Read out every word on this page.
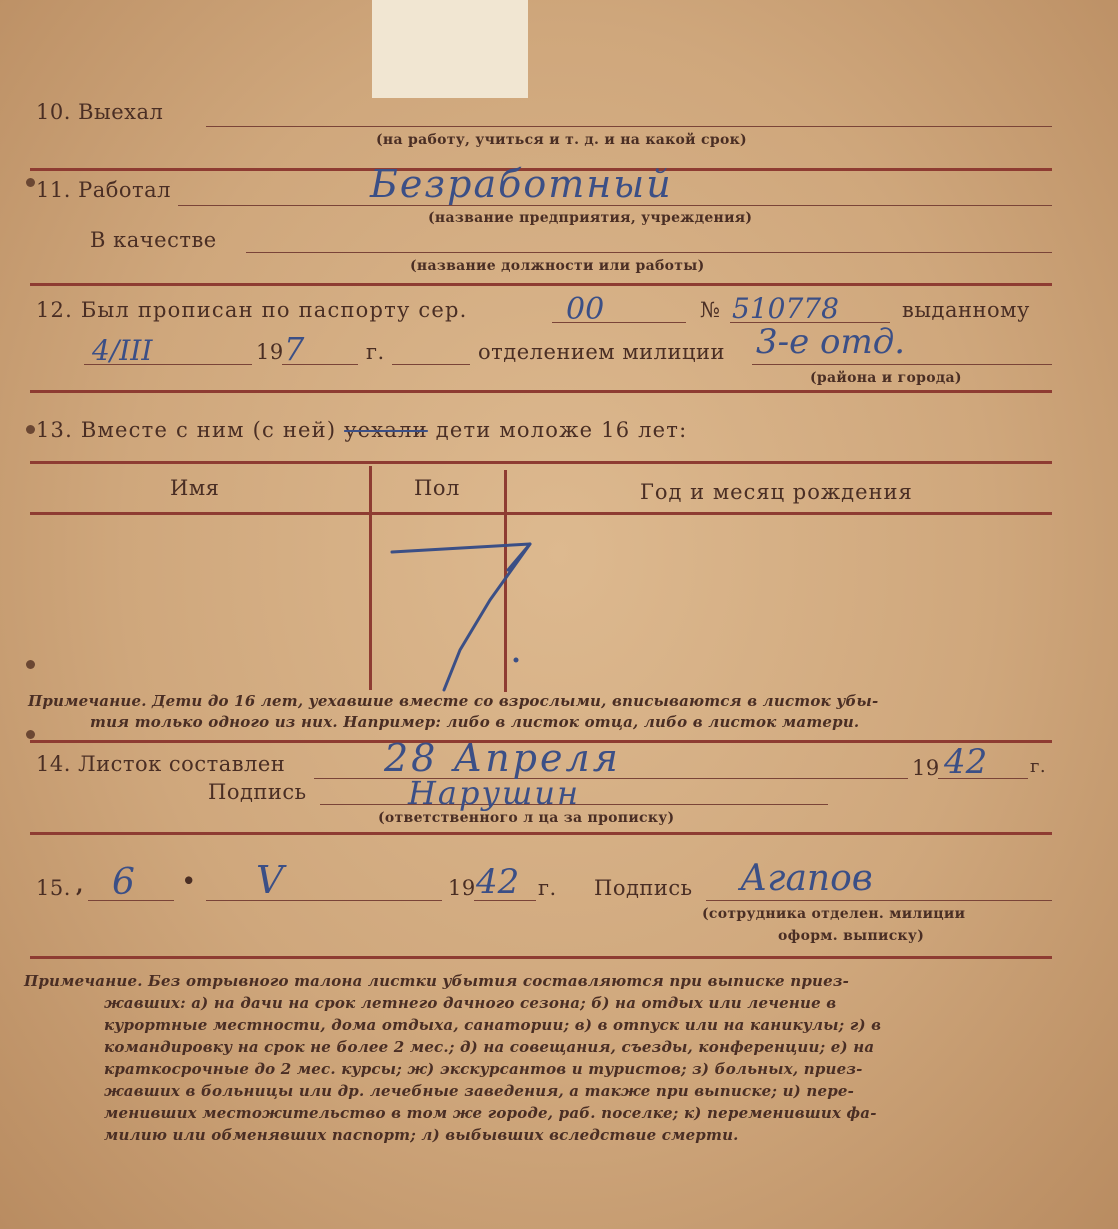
10. Выехал
(на работу, учиться и т. д. и на какой срок)
11. Работал	Безработный
(название предприятия, учреждения)
В качестве
(название должности или работы)
12. Был прописан по паспорту сер.	00	№ 510778	выданному
4/III	19 7	г.	отделением милиции 3-е отд.
(района и города)
13. Вместе с ним (с ней) уехали дети моложе 16 лет:
Имя	Пол	Год и месяц рождения
Примечание. Дети до 16 лет, уехавшие вместе со взрослыми, вписываются в листок убы-
тия только одного из них. Например: либо в листок отца, либо в листок матери.
14. Листок составлен	28 Апреля	19 42 г.
Подпись	Нарушин
(ответственного л ца за прописку)
15. , 6 • V	19 42 г. Подпись Агапов
(сотрудника отделен. милиции
оформ. выписку)
Примечание. Без отрывного талона листки убытия составляются при выписке приез-
жавших: а) на дачи на срок летнего дачного сезона; б) на отдых или лечение в
курортные местности, дома отдыха, санатории; в) в отпуск или на каникулы; г) в
командировку на срок не более 2 мес.; д) на совещания, съезды, конференции; е) на
краткосрочные до 2 мес. курсы; ж) экскурсантов и туристов; з) больных, приез-
жавших в больницы или др. лечебные заведения, а также при выписке; и) пере-
менивших местожительство в том же городе, раб. поселке; к) переменивших фа-
милию или обменявших паспорт; л) выбывших вследствие смерти.
